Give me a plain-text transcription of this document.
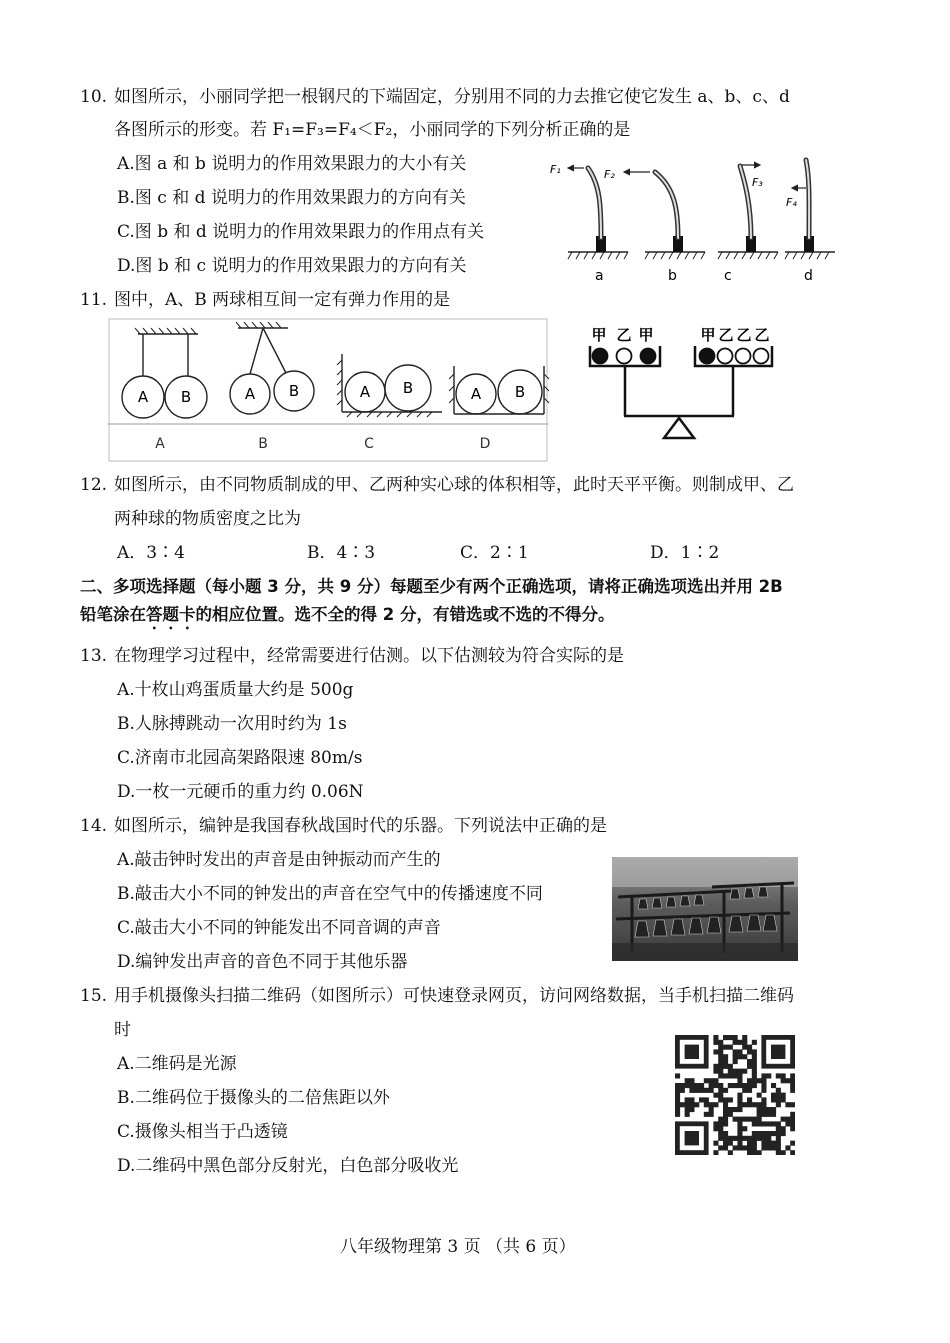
10. 如图所示，小丽同学把一根钢尺的下端固定，分别用不同的力去推它使它发生 a、b、c、d
各图所示的形变。若 F₁=F₃=F₄＜F₂，小丽同学的下列分析正确的是
A.图 a 和 b 说明力的作用效果跟力的大小有关
B.图 c 和 d 说明力的作用效果跟力的方向有关
C.图 b 和 d 说明力的作用效果跟力的作用点有关
D.图 b 和 c 说明力的作用效果跟力的方向有关
F₁	F₂
F₃
F₄
a	b	c	d
11. 图中，A、B 两球相互间一定有弹力作用的是
A B	A B	A B	A B
A	B	C	D
甲 乙 甲	甲 乙 乙 乙
12. 如图所示，由不同物质制成的甲、乙两种实心球的体积相等，此时天平平衡。则制成甲、乙
两种球的物质密度之比为
A．3∶4	B．4∶3	C．2∶1	D．1∶2
二、多项选择题（每小题 3 分，共 9 分）每题至少有两个正确选项，请将正确选项选出并用 2B
铅笔涂在答题卡的相应位置。选不全的得 2 分，有错选或不选的不得分。
13. 在物理学习过程中，经常需要进行估测。以下估测较为符合实际的是
A.十枚山鸡蛋质量大约是 500g
B.人脉搏跳动一次用时约为 1s
C.济南市北园高架路限速 80m/s
D.一枚一元硬币的重力约 0.06N
14. 如图所示，编钟是我国春秋战国时代的乐器。下列说法中正确的是
A.敲击钟时发出的声音是由钟振动而产生的
B.敲击大小不同的钟发出的声音在空气中的传播速度不同
C.敲击大小不同的钟能发出不同音调的声音
D.编钟发出声音的音色不同于其他乐器
15. 用手机摄像头扫描二维码（如图所示）可快速登录网页，访问网络数据，当手机扫描二维码
时
A.二维码是光源
B.二维码位于摄像头的二倍焦距以外
C.摄像头相当于凸透镜
D.二维码中黑色部分反射光，白色部分吸收光
八年级物理第 3 页 （共 6 页）
